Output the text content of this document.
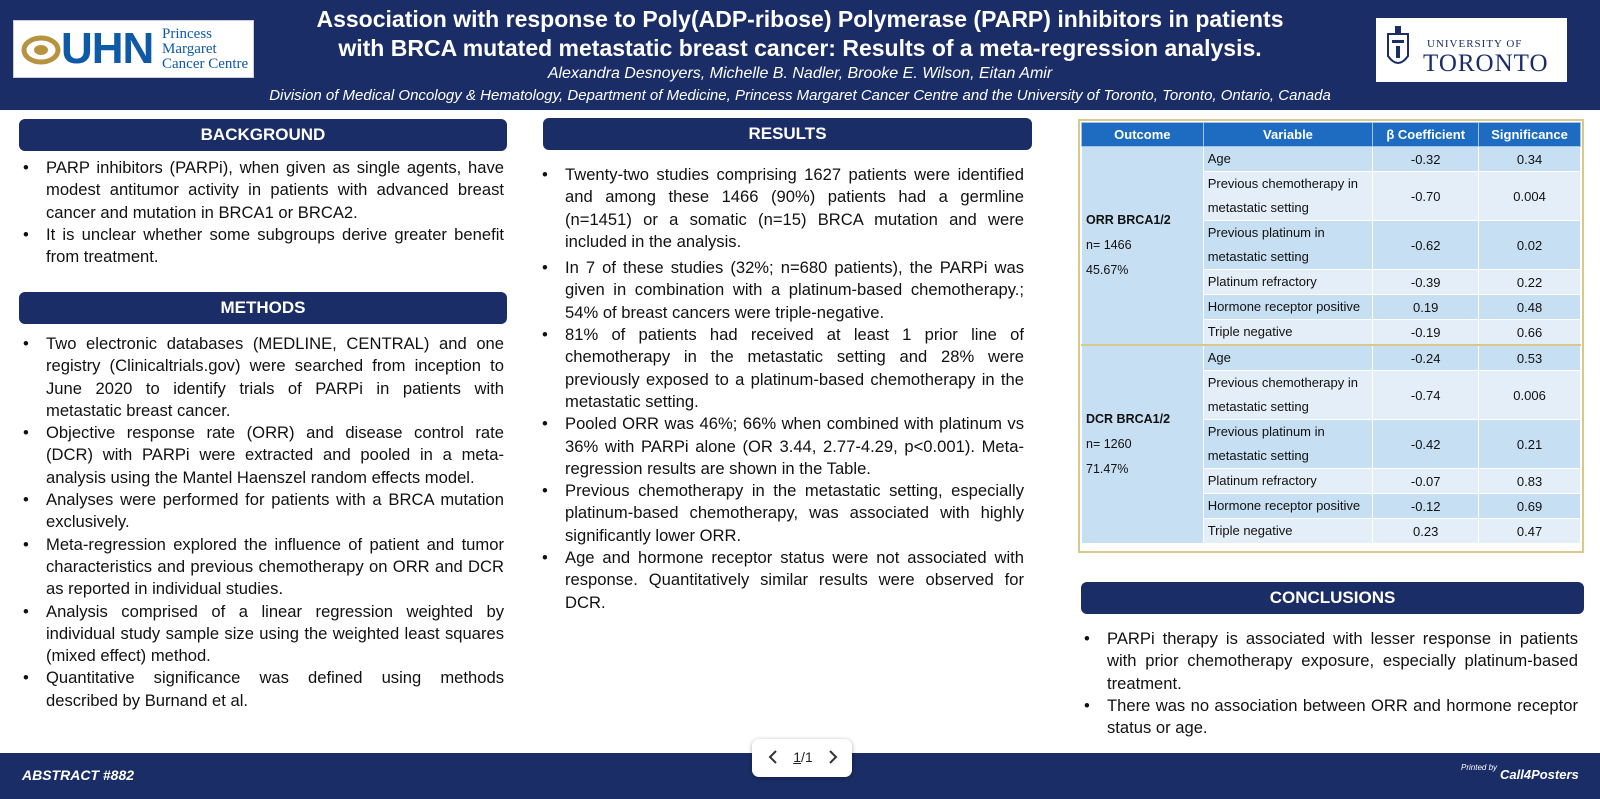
UHN Princess
Margaret
Cancer Centre
Association with response to Poly(ADP-ribose) Polymerase (PARP) inhibitors in patients
with BRCA mutated metastatic breast cancer: Results of a meta-regression analysis.
Alexandra Desnoyers, Michelle B. Nadler, Brooke E. Wilson, Eitan Amir
Division of Medical Oncology & Hematology, Department of Medicine, Princess Margaret Cancer Centre and the University of Toronto, Toronto, Ontario, Canada
UNIVERSITY OF
TORONTO
BACKGROUND
• PARP inhibitors (PARPi), when given as single agents, have modest antitumor activity in patients with advanced breast cancer and mutation in BRCA1 or BRCA2.
• It is unclear whether some subgroups derive greater benefit from treatment.
METHODS
• Two electronic databases (MEDLINE, CENTRAL) and one registry (Clinicaltrials.gov) were searched from inception to June 2020 to identify trials of PARPi in patients with metastatic breast cancer.
• Objective response rate (ORR) and disease control rate (DCR) with PARPi were extracted and pooled in a meta-analysis using the Mantel Haenszel random effects model.
• Analyses were performed for patients with a BRCA mutation exclusively.
• Meta-regression explored the influence of patient and tumor characteristics and previous chemotherapy on ORR and DCR as reported in individual studies.
• Analysis comprised of a linear regression weighted by individual study sample size using the weighted least squares (mixed effect) method.
• Quantitative significance was defined using methods described by Burnand et al.
RESULTS
• Twenty-two studies comprising 1627 patients were identified and among these 1466 (90%) patients had a germline (n=1451) or a somatic (n=15) BRCA mutation and were included in the analysis.
• In 7 of these studies (32%; n=680 patients), the PARPi was given in combination with a platinum-based chemotherapy.; 54% of breast cancers were triple-negative.
• 81% of patients had received at least 1 prior line of chemotherapy in the metastatic setting and 28% were previously exposed to a platinum-based chemotherapy in the metastatic setting.
• Pooled ORR was 46%; 66% when combined with platinum vs 36% with PARPi alone (OR 3.44, 2.77-4.29, p<0.001). Meta-regression results are shown in the Table.
• Previous chemotherapy in the metastatic setting, especially platinum-based chemotherapy, was associated with highly significantly lower ORR.
• Age and hormone receptor status were not associated with response. Quantitatively similar results were observed for DCR.
Outcome	Variable	β Coefficient	Significance

ORR BRCA1/2
n= 1466
45.67%	Age	-0.32	0.34
	Previous chemotherapy in metastatic setting	-0.70	0.004
	Previous platinum in metastatic setting	-0.62	0.02
	Platinum refractory	-0.39	0.22
	Hormone receptor positive	0.19	0.48
	Triple negative	-0.19	0.66

DCR BRCA1/2
n= 1260
71.47%	Age	-0.24	0.53
	Previous chemotherapy in metastatic setting	-0.74	0.006
	Previous platinum in metastatic setting	-0.42	0.21
	Platinum refractory	-0.07	0.83
	Hormone receptor positive	-0.12	0.69
	Triple negative	0.23	0.47
CONCLUSIONS
• PARPi therapy is associated with lesser response in patients with prior chemotherapy exposure, especially platinum-based treatment.
• There was no association between ORR and hormone receptor status or age.
ABSTRACT #882	Printed by Call4Posters
1/1
